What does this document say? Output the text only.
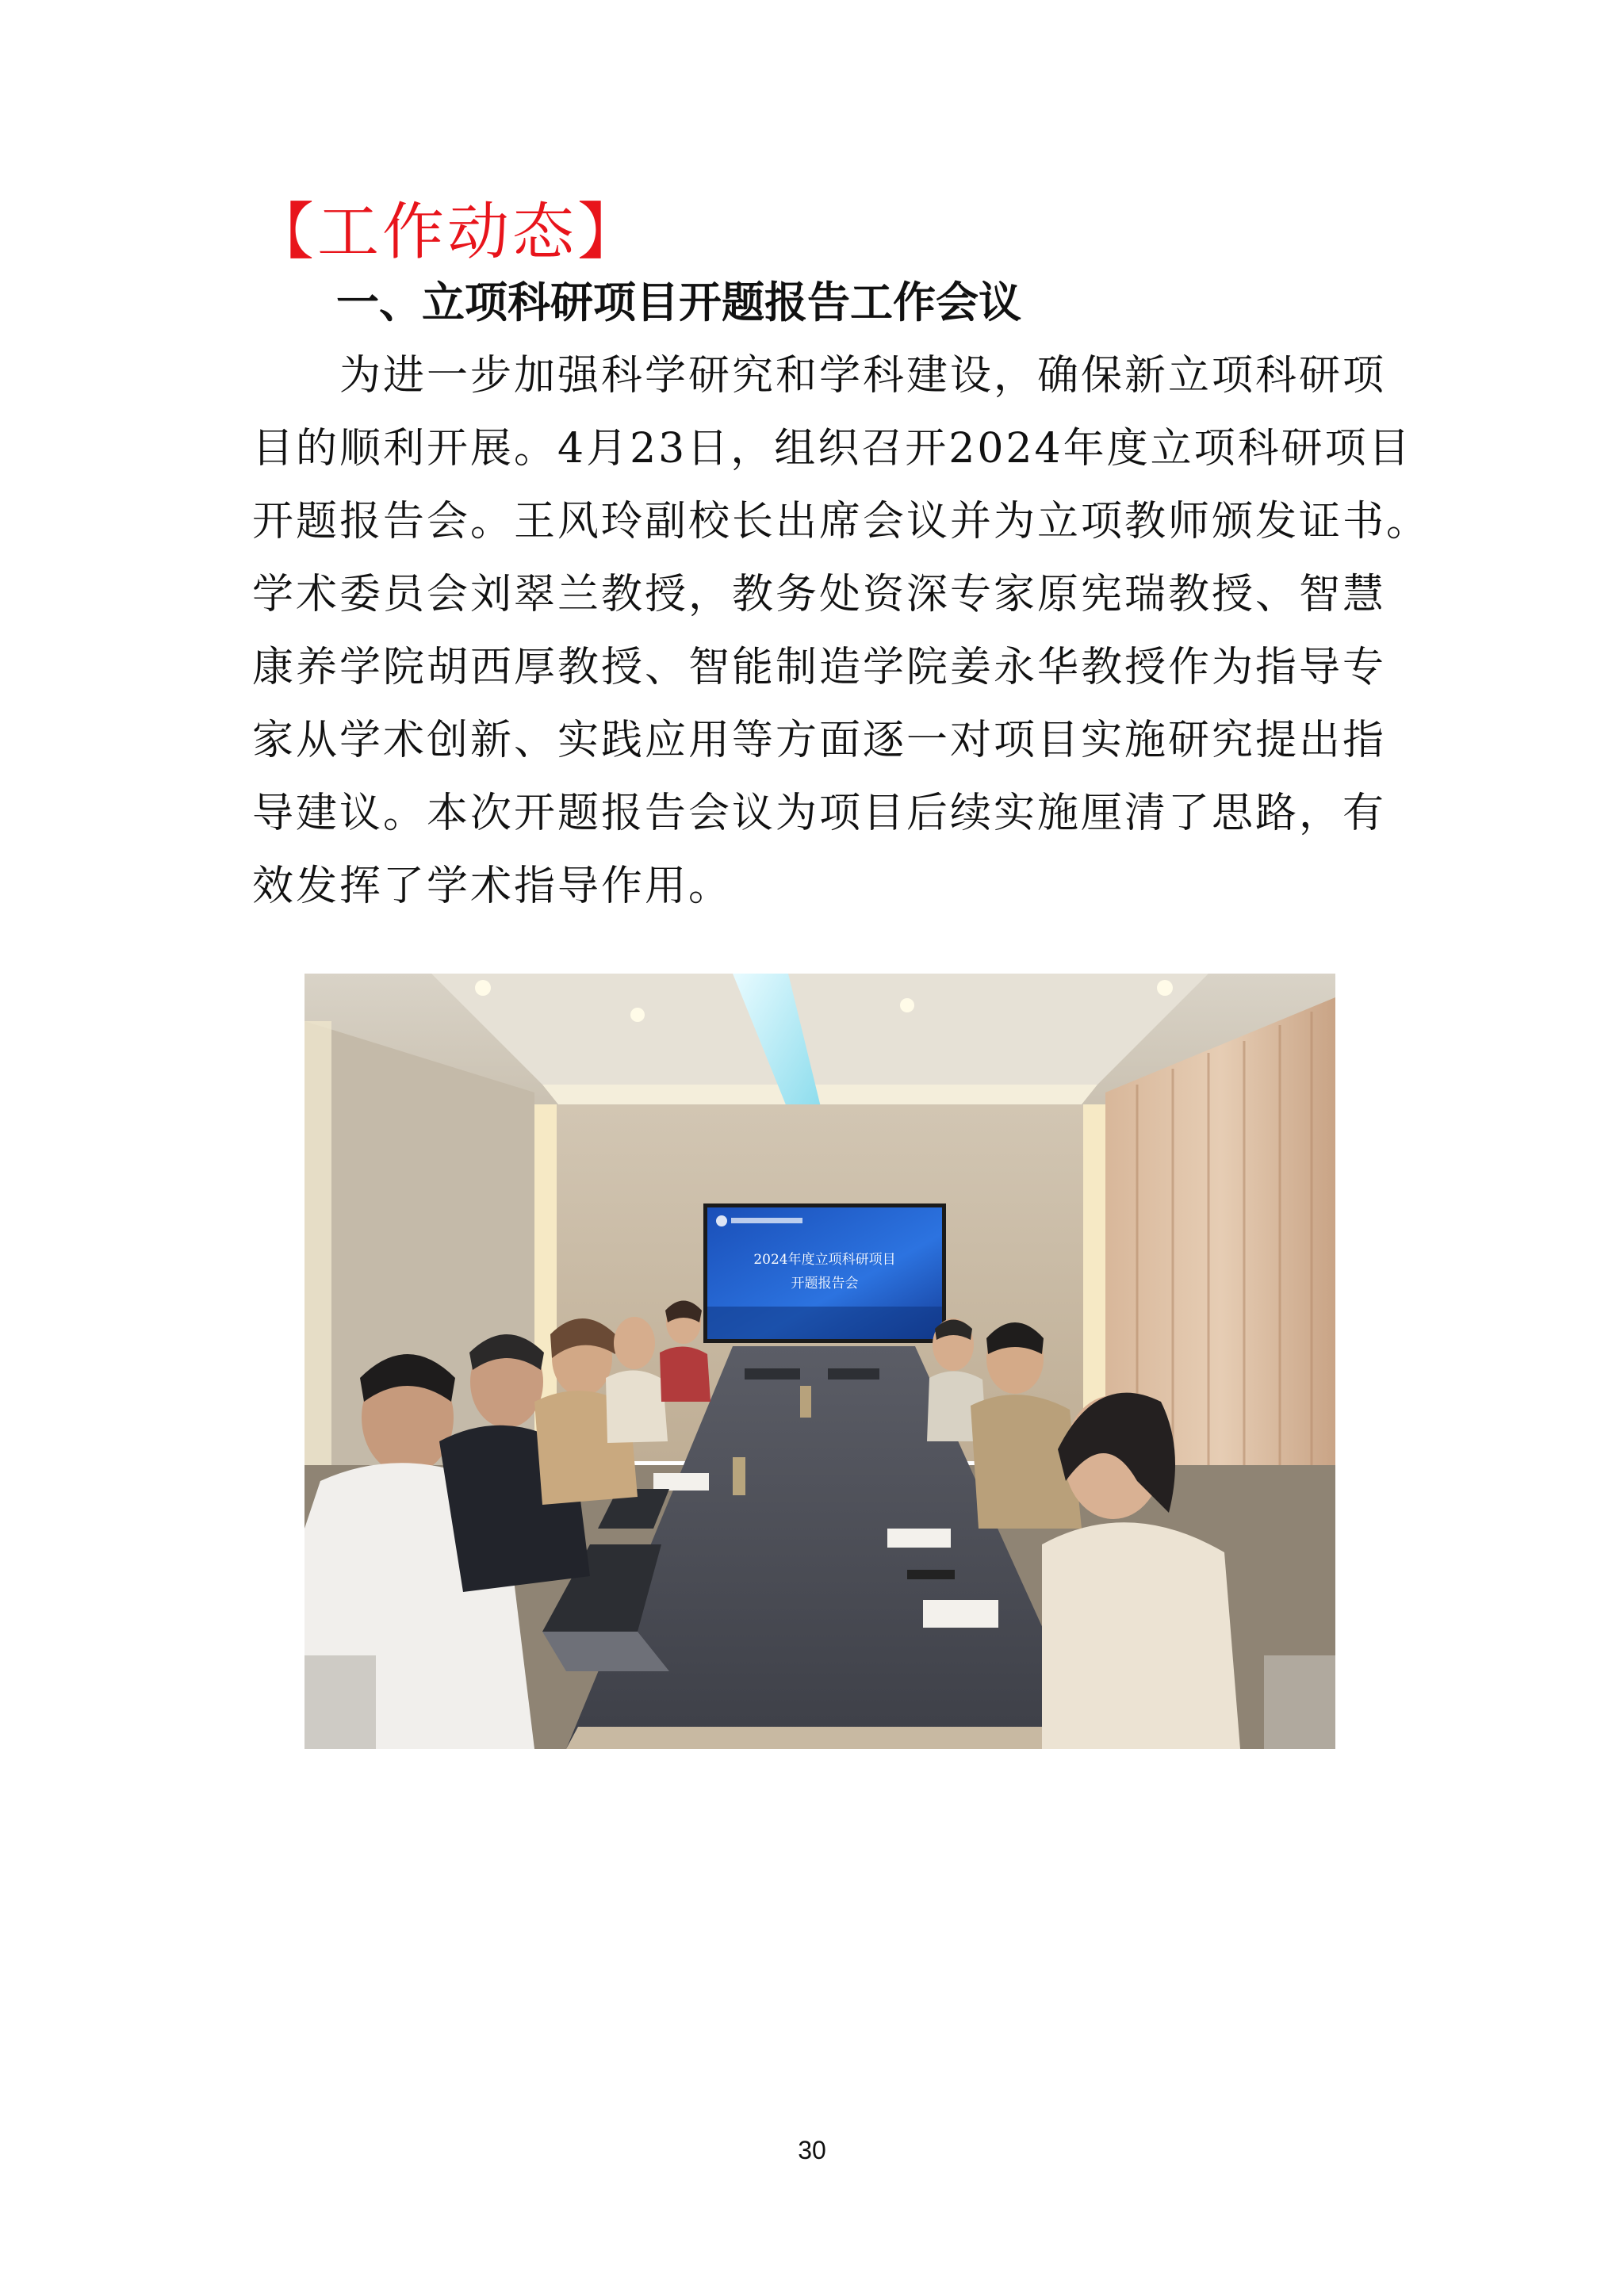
【工作动态】
一、立项科研项目开题报告工作会议
　　为进一步加强科学研究和学科建设，确保新立项科研项
目的顺利开展。4月23日，组织召开2024年度立项科研项目
开题报告会。王风玲副校长出席会议并为立项教师颁发证书。
学术委员会刘翠兰教授，教务处资深专家原宪瑞教授、智慧
康养学院胡西厚教授、智能制造学院姜永华教授作为指导专
家从学术创新、实践应用等方面逐一对项目实施研究提出指
导建议。本次开题报告会议为项目后续实施厘清了思路，有
效发挥了学术指导作用。
2024年度立项科研项目
开题报告会
30
